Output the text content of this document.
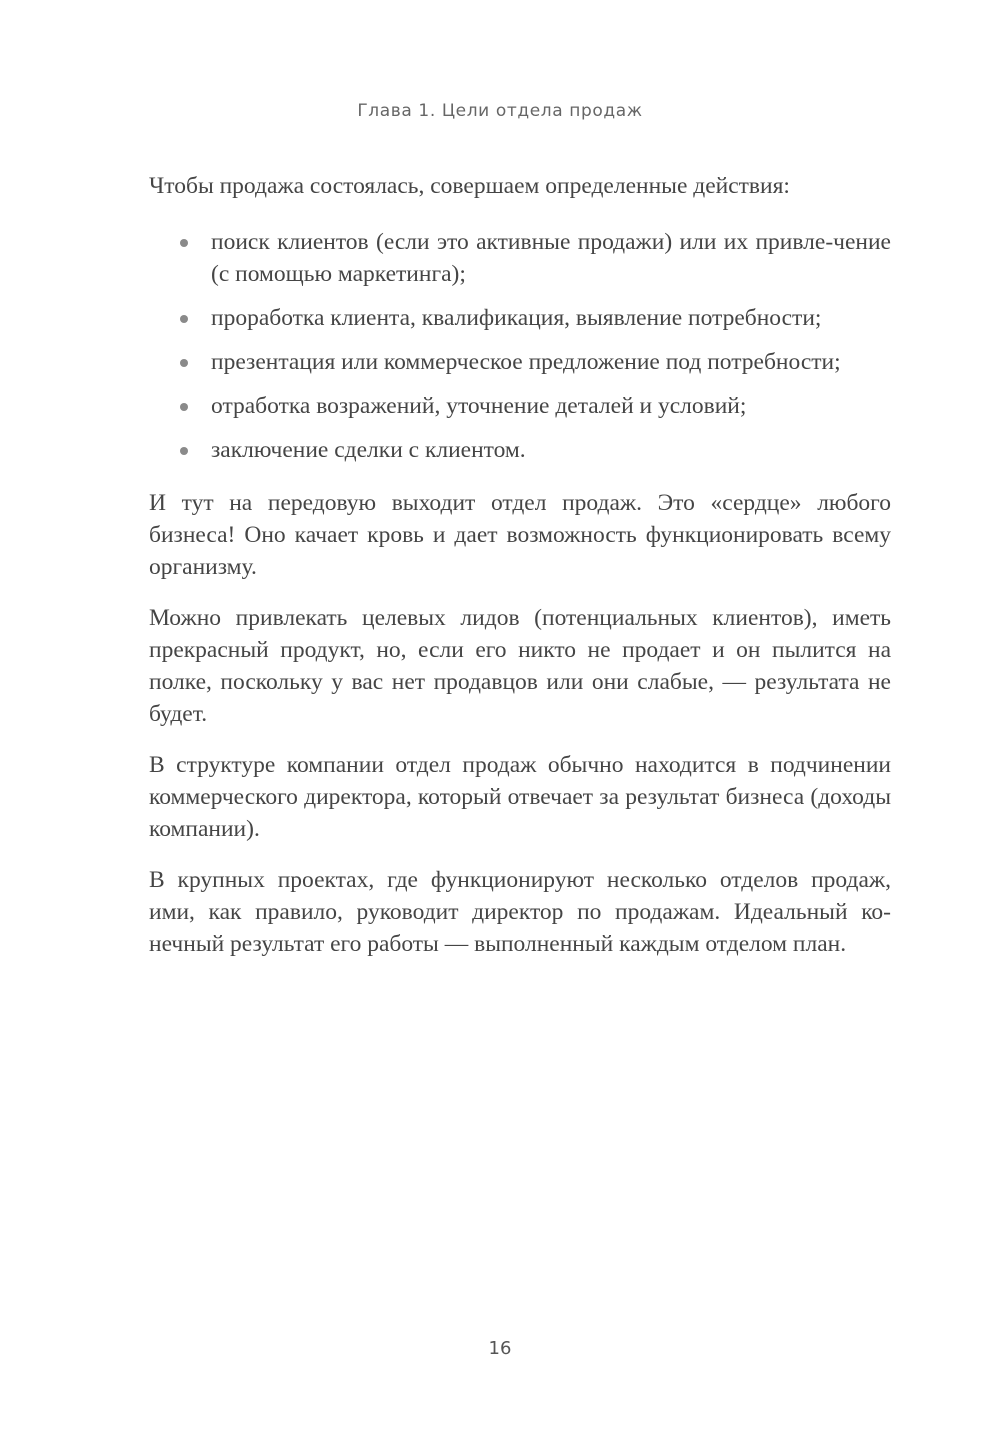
Глава 1. Цели отдела продаж

Чтобы продажа состоялась, совершаем определенные действия:

поиск клиентов (если это активные продажи) или их привле-чение (с помощью маркетинга);
проработка клиента, квалификация, выявление потребности;
презентация или коммерческое предложение под потребности;
отработка возражений, уточнение деталей и условий;
заключение сделки с клиентом.

И тут на передовую выходит отдел продаж. Это «сердце» любого бизнеса! Оно качает кровь и дает возможность функционировать всему организму.

Можно привлекать целевых лидов (потенциальных клиентов), иметь прекрасный продукт, но, если его никто не продает и он пылится на полке, поскольку у вас нет продавцов или они слабые, — результата не будет.

В структуре компании отдел продаж обычно находится в подчинении коммерческого директора, который отвечает за результат бизнеса (доходы компании).

В крупных проектах, где функционируют несколько отделов продаж, ими, как правило, руководит директор по продажам. Идеальный ко-нечный результат его работы — выполненный каждым отделом план.

16
